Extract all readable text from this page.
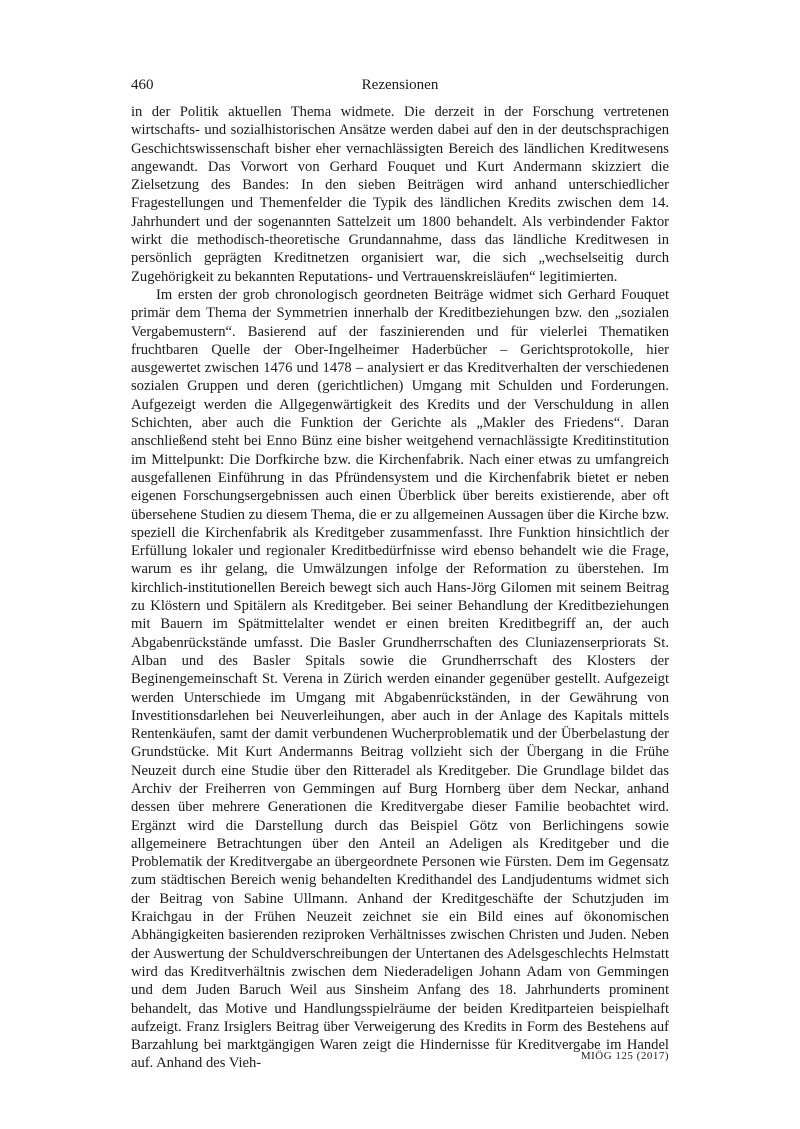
460	Rezensionen

in der Politik aktuellen Thema widmete. Die derzeit in der Forschung vertretenen wirtschafts- und sozialhistorischen Ansätze werden dabei auf den in der deutschsprachigen Geschichtswissenschaft bisher eher vernachlässigten Bereich des ländlichen Kreditwesens angewandt. Das Vorwort von Gerhard Fouquet und Kurt Andermann skizziert die Zielsetzung des Bandes: In den sieben Beiträgen wird anhand unterschiedlicher Fragestellungen und Themenfelder die Typik des ländlichen Kredits zwischen dem 14. Jahrhundert und der sogenannten Sattelzeit um 1800 behandelt. Als verbindender Faktor wirkt die methodisch-theoretische Grundannahme, dass das ländliche Kreditwesen in persönlich geprägten Kreditnetzen organisiert war, die sich „wechselseitig durch Zugehörigkeit zu bekannten Reputations- und Vertrauenskreisläufen“ legitimierten.

Im ersten der grob chronologisch geordneten Beiträge widmet sich Gerhard Fouquet primär dem Thema der Symmetrien innerhalb der Kreditbeziehungen bzw. den „sozialen Vergabemustern“. Basierend auf der faszinierenden und für vielerlei Thematiken fruchtbaren Quelle der Ober-Ingelheimer Haderbücher – Gerichtsprotokolle, hier ausgewertet zwischen 1476 und 1478 – analysiert er das Kreditverhalten der verschiedenen sozialen Gruppen und deren (gerichtlichen) Umgang mit Schulden und Forderungen. Aufgezeigt werden die Allgegenwärtigkeit des Kredits und der Verschuldung in allen Schichten, aber auch die Funktion der Gerichte als „Makler des Friedens“. Daran anschließend steht bei Enno Bünz eine bisher weitgehend vernachlässigte Kreditinstitution im Mittelpunkt: Die Dorfkirche bzw. die Kirchenfabrik. Nach einer etwas zu umfangreich ausgefallenen Einführung in das Pfründensystem und die Kirchenfabrik bietet er neben eigenen Forschungsergebnissen auch einen Überblick über bereits existierende, aber oft übersehene Studien zu diesem Thema, die er zu allgemeinen Aussagen über die Kirche bzw. speziell die Kirchenfabrik als Kreditgeber zusammenfasst. Ihre Funktion hinsichtlich der Erfüllung lokaler und regionaler Kreditbedürfnisse wird ebenso behandelt wie die Frage, warum es ihr gelang, die Umwälzungen infolge der Reformation zu überstehen. Im kirchlich-institutionellen Bereich bewegt sich auch Hans-Jörg Gilomen mit seinem Beitrag zu Klöstern und Spitälern als Kreditgeber. Bei seiner Behandlung der Kreditbeziehungen mit Bauern im Spätmittelalter wendet er einen breiten Kreditbegriff an, der auch Abgabenrückstände umfasst. Die Basler Grundherrschaften des Cluniazenserpriorats St. Alban und des Basler Spitals sowie die Grundherrschaft des Klosters der Beginengemeinschaft St. Verena in Zürich werden einander gegenüber gestellt. Aufgezeigt werden Unterschiede im Umgang mit Abgabenrückständen, in der Gewährung von Investitionsdarlehen bei Neuverleihungen, aber auch in der Anlage des Kapitals mittels Rentenkäufen, samt der damit verbundenen Wucherproblematik und der Überbelastung der Grundstücke. Mit Kurt Andermanns Beitrag vollzieht sich der Übergang in die Frühe Neuzeit durch eine Studie über den Ritteradel als Kreditgeber. Die Grundlage bildet das Archiv der Freiherren von Gemmingen auf Burg Hornberg über dem Neckar, anhand dessen über mehrere Generationen die Kreditvergabe dieser Familie beobachtet wird. Ergänzt wird die Darstellung durch das Beispiel Götz von Berlichingens sowie allgemeinere Betrachtungen über den Anteil an Adeligen als Kreditgeber und die Problematik der Kreditvergabe an übergeordnete Personen wie Fürsten. Dem im Gegensatz zum städtischen Bereich wenig behandelten Kredithandel des Landjudentums widmet sich der Beitrag von Sabine Ullmann. Anhand der Kreditgeschäfte der Schutzjuden im Kraichgau in der Frühen Neuzeit zeichnet sie ein Bild eines auf ökonomischen Abhängigkeiten basierenden reziproken Verhältnisses zwischen Christen und Juden. Neben der Auswertung der Schuldverschreibungen der Untertanen des Adelsgeschlechts Helmstatt wird das Kreditverhältnis zwischen dem Niederadeligen Johann Adam von Gemmingen und dem Juden Baruch Weil aus Sinsheim Anfang des 18. Jahrhunderts prominent behandelt, das Motive und Handlungsspielräume der beiden Kreditparteien beispielhaft aufzeigt. Franz Irsiglers Beitrag über Verweigerung des Kredits in Form des Bestehens auf Barzahlung bei marktgängigen Waren zeigt die Hindernisse für Kreditvergabe im Handel auf. Anhand des Vieh-	MIÖG 125 (2017)
